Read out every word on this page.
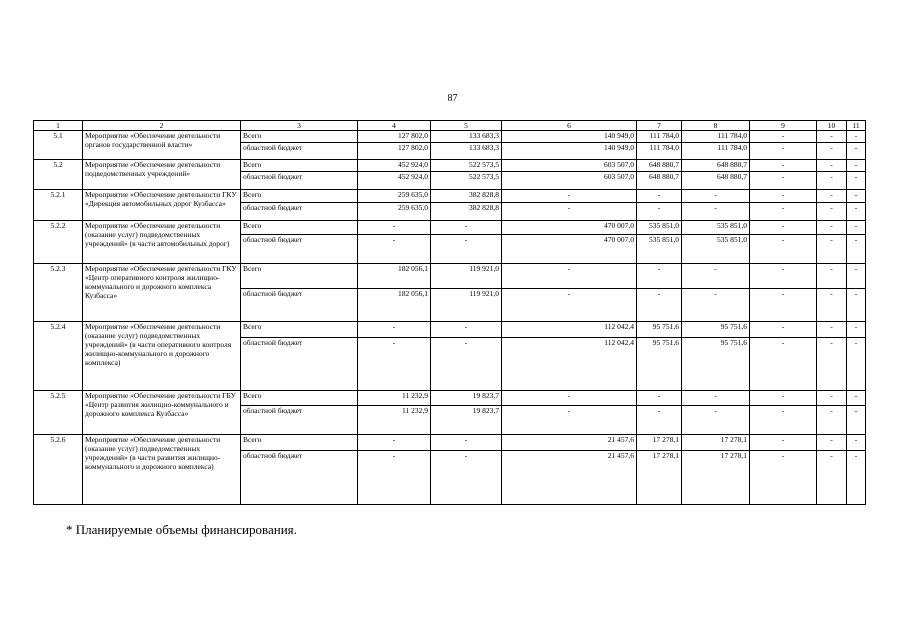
87
1	2	3	4	5	6	7	8	9	10	11
5.1	Мероприятие «Обеспечение деятельности органов государственной власти»	Всего	127 802,0	133 683,3	140 949,0	111 784,0	111 784,0	-	-	-
		областной бюджет	127 802,0	133 683,3	140 949,0	111 784,0	111 784,0	-	-	-
5.2	Мероприятие «Обеспечение деятельности подведомственных учреждений»	Всего	452 924,0	522 573,5	603 507,0	648 880,7	648 880,7	-	-	-
		областной бюджет	452 924,0	522 573,5	603 507,0	648 880,7	648 880,7	-	-	-
5.2.1	Мероприятие «Обеспечение деятельности ГКУ «Дирекция автомобильных дорог Кузбасса»	Всего	259 635,0	382 828,8	-	-	-	-	-	-
		областной бюджет	259 635,0	382 828,8	-	-	-	-	-	-
5.2.2	Мероприятие «Обеспечение деятельности (оказание услуг) подведомственных учреждений» (в части автомобильных дорог)	Всего	-	-	470 007,0	535 851,0	535 851,0	-	-	-
		областной бюджет	-	-	470 007,0	535 851,0	535 851,0	-	-	-
5.2.3	Мероприятие «Обеспечение деятельности ГКУ «Центр оперативного контроля жилищно-коммунального и дорожного комплекса Кузбасса»	Всего	182 056,1	119 921,0	-	-	-	-	-	-
		областной бюджет	182 056,1	119 921,0	-	-	-	-	-	-
5.2.4	Мероприятие «Обеспечение деятельности (оказание услуг) подведомственных учреждений» (в части оперативного контроля жилищно-коммунального и дорожного комплекса)	Всего	-	-	112 042,4	95 751,6	95 751,6	-	-	-
		областной бюджет	-	-	112 042,4	95 751,6	95 751,6	-	-	-
5.2.5	Мероприятие «Обеспечение деятельности ГБУ «Центр развития жилищно-коммунального и дорожного комплекса Кузбасса»	Всего	11 232,9	19 823,7	-	-	-	-	-	-
		областной бюджет	11 232,9	19 823,7	-	-	-	-	-	-
5.2.6	Мероприятие «Обеспечение деятельности (оказание услуг) подведомственных учреждений» (в части развития жилищно-коммунального и дорожного комплекса)	Всего	-	-	21 457,6	17 278,1	17 278,1	-	-	-
		областной бюджет	-	-	21 457,6	17 278,1	17 278,1	-	-	-
* Планируемые объемы финансирования.
